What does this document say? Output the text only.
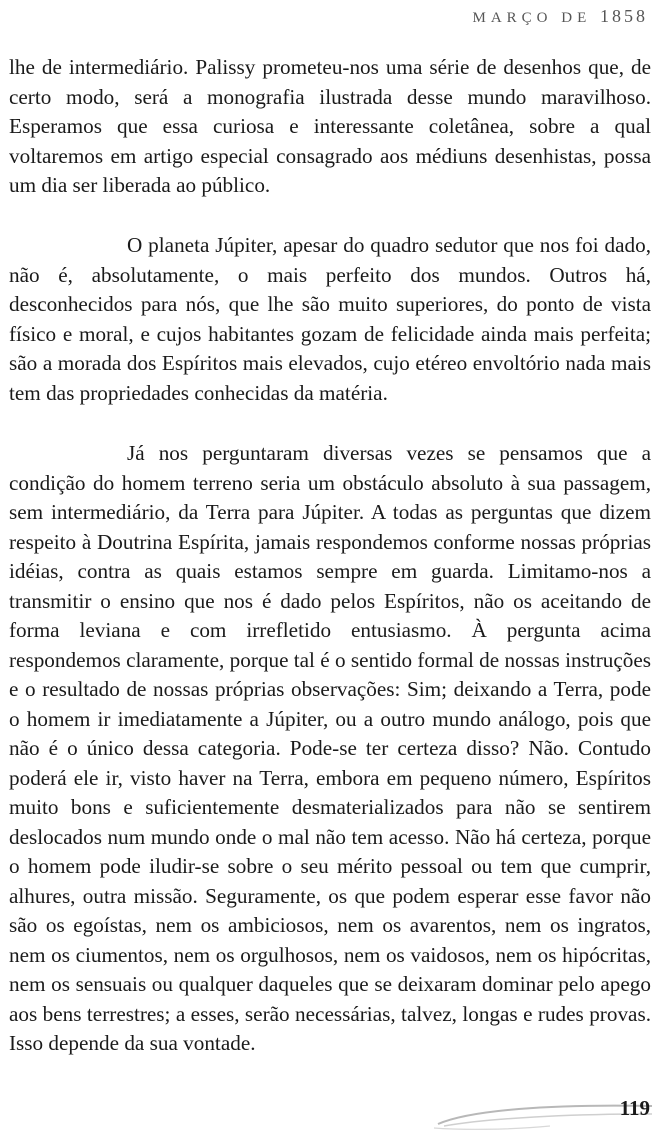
MARÇO DE 1858

lhe de intermediário. Palissy prometeu-nos uma série de desenhos que, de certo modo, será a monografia ilustrada desse mundo maravilhoso. Esperamos que essa curiosa e interessante coletânea, sobre a qual voltaremos em artigo especial consagrado aos médiuns desenhistas, possa um dia ser liberada ao público.

O planeta Júpiter, apesar do quadro sedutor que nos foi dado, não é, absolutamente, o mais perfeito dos mundos. Outros há, desconhecidos para nós, que lhe são muito superiores, do ponto de vista físico e moral, e cujos habitantes gozam de felicidade ainda mais perfeita; são a morada dos Espíritos mais elevados, cujo etéreo envoltório nada mais tem das propriedades conhecidas da matéria.

Já nos perguntaram diversas vezes se pensamos que a condição do homem terreno seria um obstáculo absoluto à sua passagem, sem intermediário, da Terra para Júpiter. A todas as perguntas que dizem respeito à Doutrina Espírita, jamais respondemos conforme nossas próprias idéias, contra as quais estamos sempre em guarda. Limitamo-nos a transmitir o ensino que nos é dado pelos Espíritos, não os aceitando de forma leviana e com irrefletido entusiasmo. À pergunta acima respondemos claramente, porque tal é o sentido formal de nossas instruções e o resultado de nossas próprias observações: Sim; deixando a Terra, pode o homem ir imediatamente a Júpiter, ou a outro mundo análogo, pois que não é o único dessa categoria. Pode-se ter certeza disso? Não. Contudo poderá ele ir, visto haver na Terra, embora em pequeno número, Espíritos muito bons e suficientemente desmaterializados para não se sentirem deslocados num mundo onde o mal não tem acesso. Não há certeza, porque o homem pode iludir-se sobre o seu mérito pessoal ou tem que cumprir, alhures, outra missão. Seguramente, os que podem esperar esse favor não são os egoístas, nem os ambiciosos, nem os avarentos, nem os ingratos, nem os ciumentos, nem os orgulhosos, nem os vaidosos, nem os hipócritas, nem os sensuais ou qualquer daqueles que se deixaram dominar pelo apego aos bens terrestres; a esses, serão necessárias, talvez, longas e rudes provas. Isso depende da sua vontade.

119
